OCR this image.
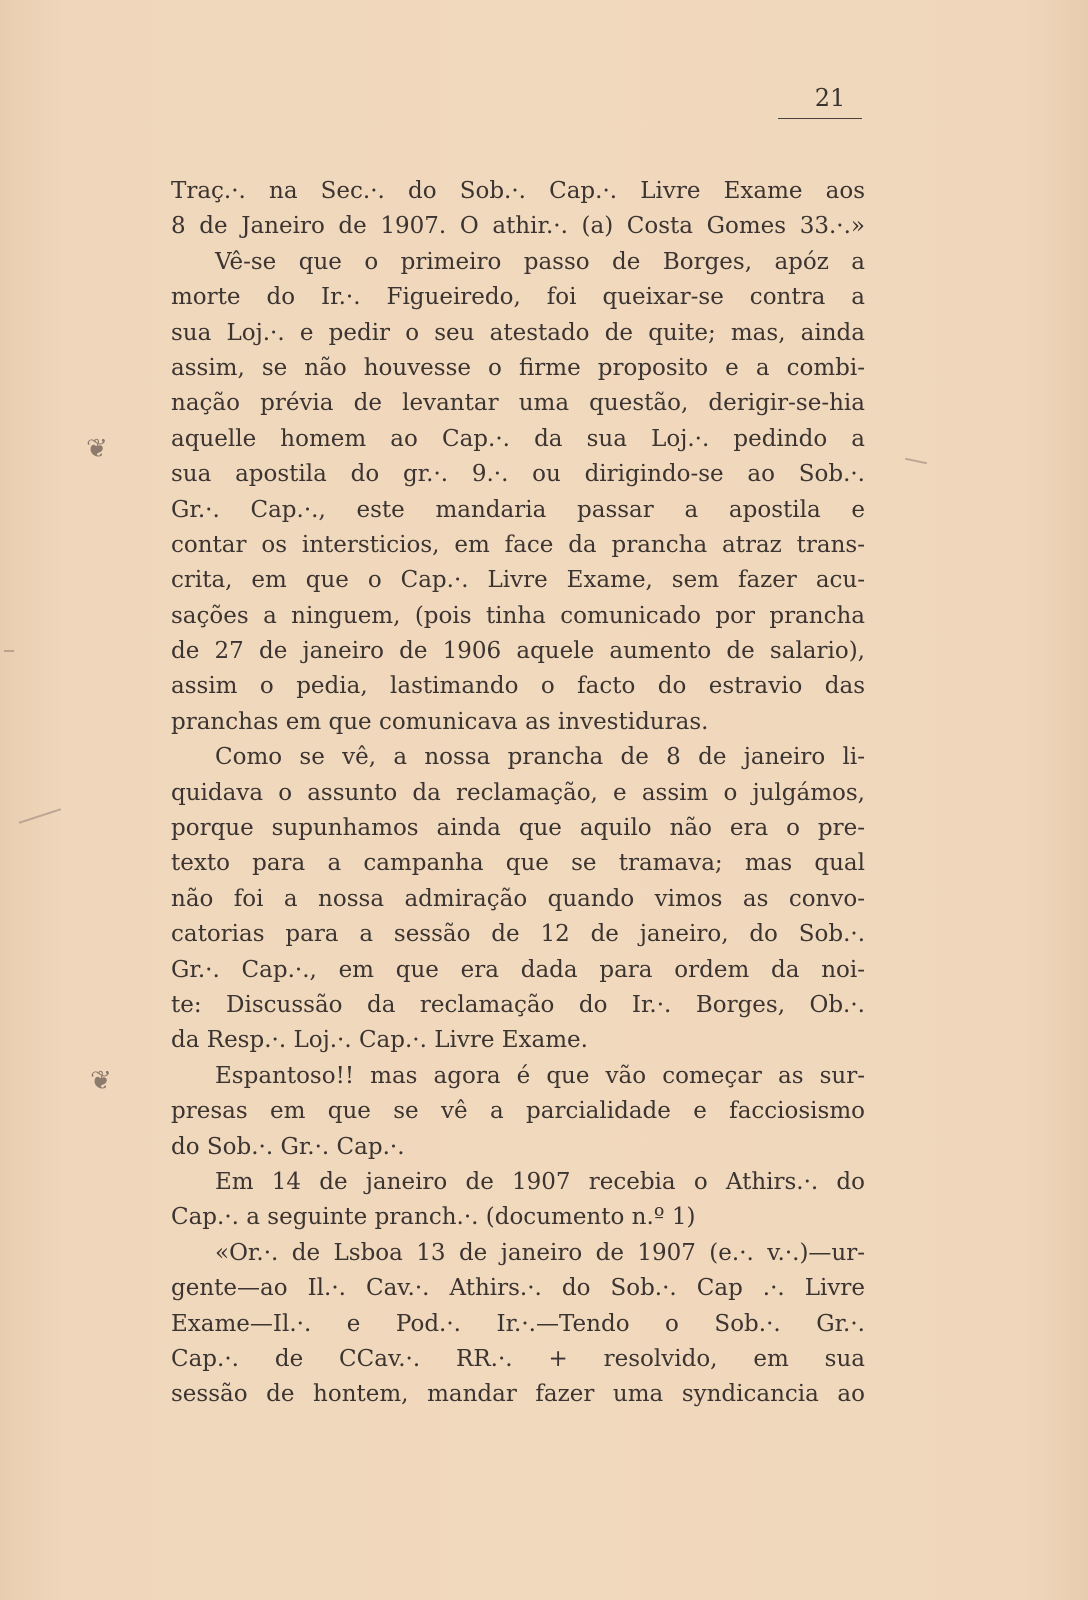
21
❦
❦
Traç.·. na Sec.·. do Sob.·. Cap.·. Livre Exame aos
8 de Janeiro de 1907. O athir.·. (a) Costa Gomes 33.·.»
Vê-se que o primeiro passo de Borges, apóz a
morte do Ir.·. Figueiredo, foi queixar-se contra a
sua Loj.·. e pedir o seu atestado de quite; mas, ainda
assim, se não houvesse o firme proposito e a combi-
nação prévia de levantar uma questão, derigir-se-hia
aquelle homem ao Cap.·. da sua Loj.·. pedindo a
sua apostila do gr.·. 9.·. ou dirigindo-se ao Sob.·.
Gr.·. Cap.·., este mandaria passar a apostila e
contar os intersticios, em face da prancha atraz trans-
crita, em que o Cap.·. Livre Exame, sem fazer acu-
sações a ninguem, (pois tinha comunicado por prancha
de 27 de janeiro de 1906 aquele aumento de salario),
assim o pedia, lastimando o facto do estravio das
pranchas em que comunicava as investiduras.
Como se vê, a nossa prancha de 8 de janeiro li-
quidava o assunto da reclamação, e assim o julgámos,
porque supunhamos ainda que aquilo não era o pre-
texto para a campanha que se tramava; mas qual
não foi a nossa admiração quando vimos as convo-
catorias para a sessão de 12 de janeiro, do Sob.·.
Gr.·. Cap.·., em que era dada para ordem da noi-
te: Discussão da reclamação do Ir.·. Borges, Ob.·.
da Resp.·. Loj.·. Cap.·. Livre Exame.
Espantoso!! mas agora é que vão começar as sur-
presas em que se vê a parcialidade e facciosismo
do Sob.·. Gr.·. Cap.·.
Em 14 de janeiro de 1907 recebia o Athirs.·. do
Cap.·. a seguinte pranch.·. (documento n.º 1)
«Or.·. de Lsboa 13 de janeiro de 1907 (e.·. v.·.)—ur-
gente—ao Il.·. Cav.·. Athirs.·. do Sob.·. Cap .·. Livre
Exame—Il.·. e Pod.·. Ir.·.—Tendo o Sob.·. Gr.·.
Cap.·. de CCav.·. RR.·. + resolvido, em sua
sessão de hontem, mandar fazer uma syndicancia ao
